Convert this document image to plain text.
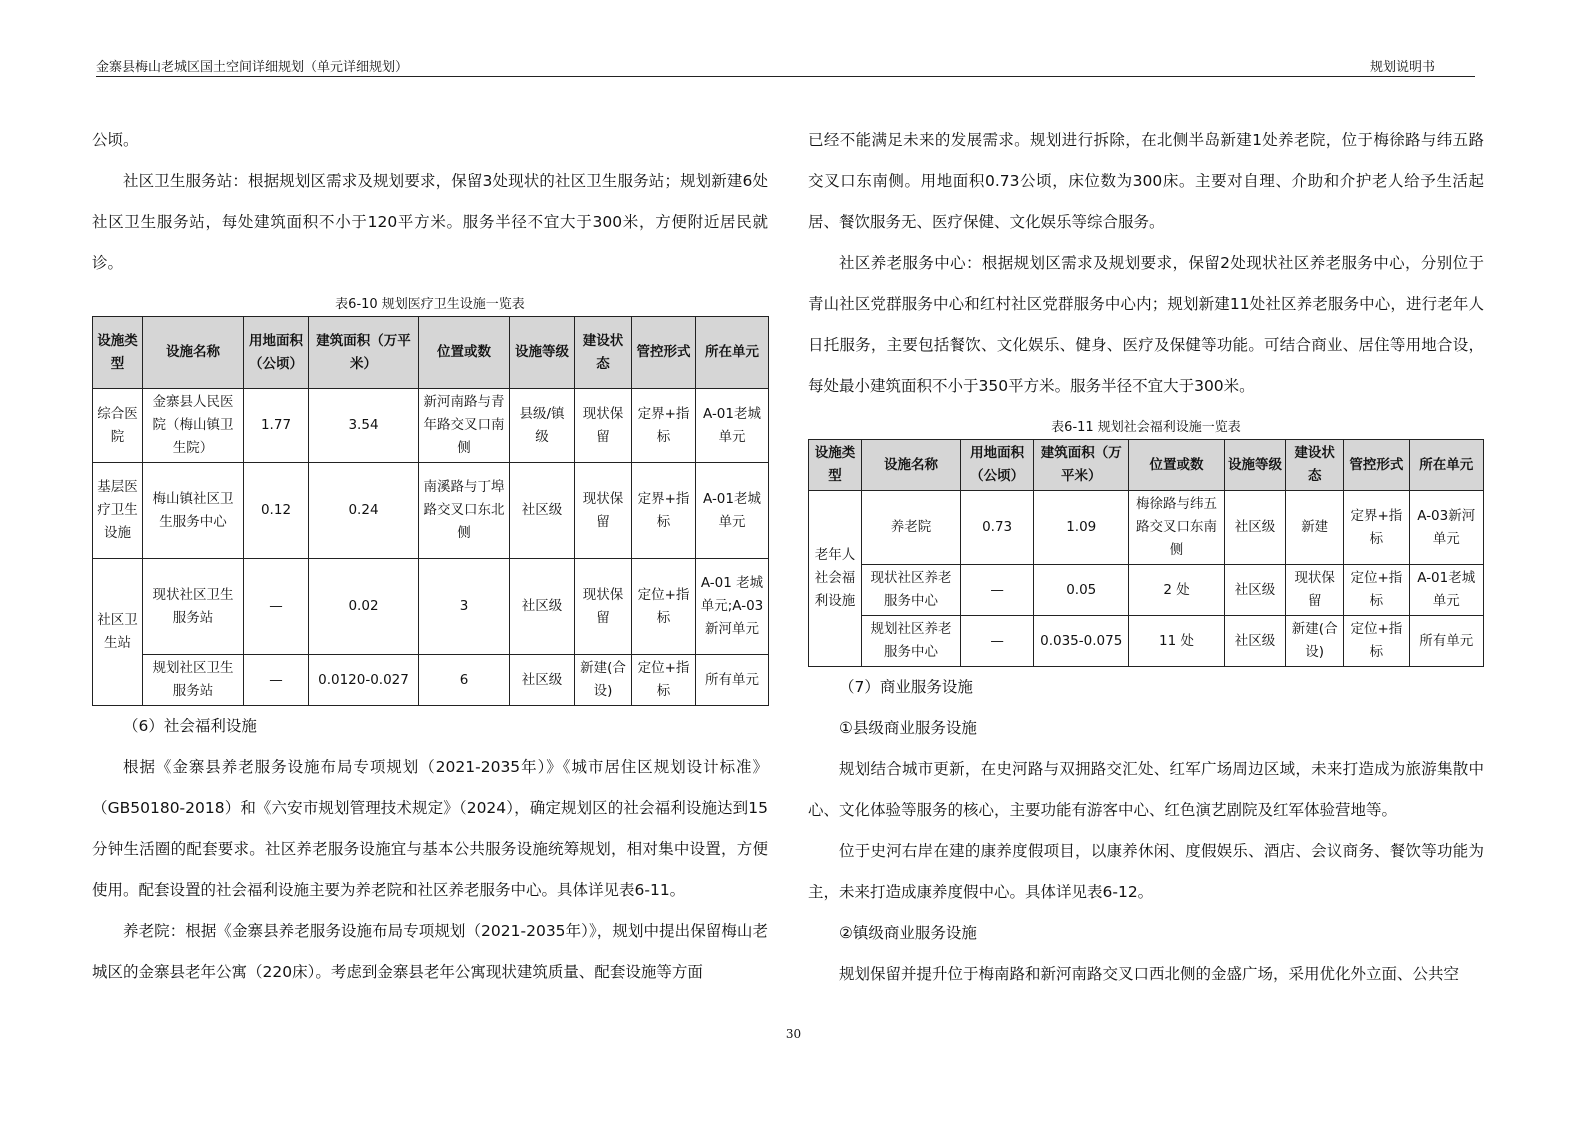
金寨县梅山老城区国土空间详细规划（单元详细规划）	规划说明书

公顷。

社区卫生服务站：根据规划区需求及规划要求，保留3处现状的社区卫生服务站；规划新建6处社区卫生服务站，每处建筑面积不小于120平方米。服务半径不宜大于300米，方便附近居民就诊。

表6-10 规划医疗卫生设施一览表
设施类型	设施名称	用地面积（公顷）	建筑面积（万平米）	位置或数	设施等级	建设状态	管控形式	所在单元
综合医院	金寨县人民医院（梅山镇卫生院）	1.77	3.54	新河南路与青年路交叉口南侧	县级/镇级	现状保留	定界+指标	A-01老城单元
基层医疗卫生设施	梅山镇社区卫生服务中心	0.12	0.24	南溪路与丁埠路交叉口东北侧	社区级	现状保留	定界+指标	A-01老城单元
社区卫生站	现状社区卫生服务站	—	0.02	3	社区级	现状保留	定位+指标	A-01 老城单元;A-03 新河单元
	规划社区卫生服务站	—	0.0120-0.027	6	社区级	新建(合设)	定位+指标	所有单元

（6）社会福利设施

根据《金寨县养老服务设施布局专项规划（2021-2035年）》《城市居住区规划设计标准》（GB50180-2018）和《六安市规划管理技术规定》（2024），确定规划区的社会福利设施达到15分钟生活圈的配套要求。社区养老服务设施宜与基本公共服务设施统筹规划，相对集中设置，方便使用。配套设置的社会福利设施主要为养老院和社区养老服务中心。具体详见表6-11。

养老院：根据《金寨县养老服务设施布局专项规划（2021-2035年）》，规划中提出保留梅山老城区的金寨县老年公寓（220床）。考虑到金寨县老年公寓现状建筑质量、配套设施等方面

已经不能满足未来的发展需求。规划进行拆除，在北侧半岛新建1处养老院，位于梅徐路与纬五路交叉口东南侧。用地面积0.73公顷，床位数为300床。主要对自理、介助和介护老人给予生活起居、餐饮服务无、医疗保健、文化娱乐等综合服务。

社区养老服务中心：根据规划区需求及规划要求，保留2处现状社区养老服务中心，分别位于青山社区党群服务中心和红村社区党群服务中心内；规划新建11处社区养老服务中心，进行老年人日托服务，主要包括餐饮、文化娱乐、健身、医疗及保健等功能。可结合商业、居住等用地合设，每处最小建筑面积不小于350平方米。服务半径不宜大于300米。

表6-11 规划社会福利设施一览表
设施类型	设施名称	用地面积（公顷）	建筑面积（万平米）	位置或数	设施等级	建设状态	管控形式	所在单元
老年人社会福利设施	养老院	0.73	1.09	梅徐路与纬五路交叉口东南侧	社区级	新建	定界+指标	A-03新河单元
	现状社区养老服务中心	—	0.05	2 处	社区级	现状保留	定位+指标	A-01老城单元
	规划社区养老服务中心	—	0.035-0.075	11 处	社区级	新建(合设)	定位+指标	所有单元

（7）商业服务设施

①县级商业服务设施

规划结合城市更新，在史河路与双拥路交汇处、红军广场周边区域，未来打造成为旅游集散中心、文化体验等服务的核心，主要功能有游客中心、红色演艺剧院及红军体验营地等。

位于史河右岸在建的康养度假项目，以康养休闲、度假娱乐、酒店、会议商务、餐饮等功能为主，未来打造成康养度假中心。具体详见表6-12。

②镇级商业服务设施

规划保留并提升位于梅南路和新河南路交叉口西北侧的金盛广场，采用优化外立面、公共空

30
